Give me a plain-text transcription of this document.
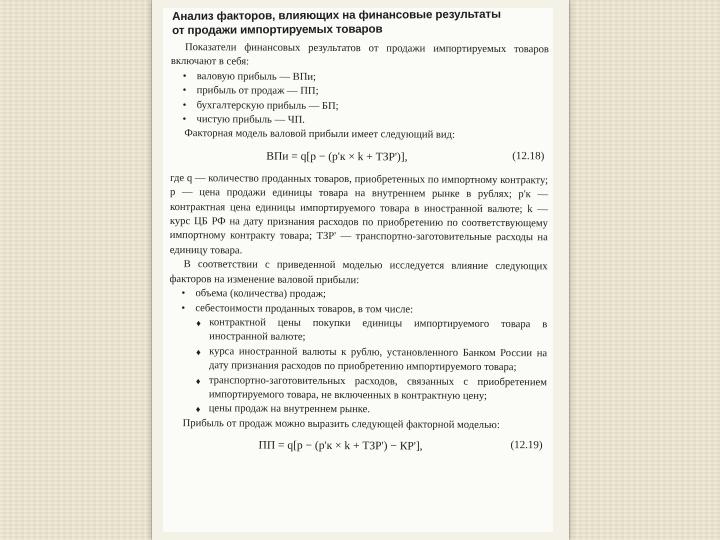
Анализ факторов, влияющих на финансовые результаты
от продажи импортируемых товаров

Показатели финансовых результатов от продажи импортируемых товаров включают в себя:

• валовую прибыль — ВПи;
• прибыль от продаж — ПП;
• бухгалтерскую прибыль — БП;
• чистую прибыль — ЧП.

Факторная модель валовой прибыли имеет следующий вид:

ВПи = q[p − (p'к × k + ТЗР')],	(12.18)

где q — количество проданных товаров, приобретенных по импортному контракту; p — цена продажи единицы товара на внутреннем рынке в рублях; p'к — контрактная цена единицы импортируемого товара в иностранной валюте; k — курс ЦБ РФ на дату признания расходов по приобретению по соответствующему импортному контракту товара; ТЗР' — транспортно-заготовительные расходы на единицу товара.

В соответствии с приведенной моделью исследуется влияние следующих факторов на изменение валовой прибыли:

• объема (количества) продаж;
• себестоимости проданных товаров, в том числе:
♦ контрактной цены покупки единицы импортируемого товара в иностранной валюте;
♦ курса иностранной валюты к рублю, установленного Банком России на дату признания расходов по приобретению импортируемого товара;
♦ транспортно-заготовительных расходов, связанных с приобретением импортируемого товара, не включенных в контрактную цену;
♦ цены продаж на внутреннем рынке.

Прибыль от продаж можно выразить следующей факторной моделью:

ПП = q[p − (p'к × k + ТЗР') − КР'],	(12.19)
